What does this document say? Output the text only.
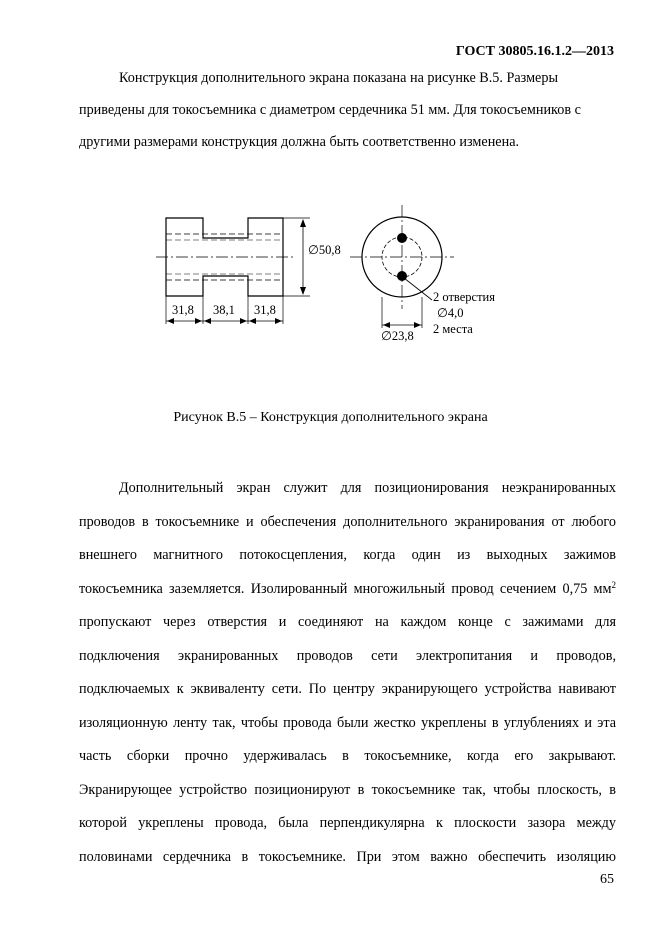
ГОСТ 30805.16.1.2—2013
Конструкция дополнительного экрана показана на рисунке В.5. Размеры
приведены для токосъемника с диаметром сердечника 51 мм. Для токосъемников с
другими размерами конструкция должна быть соответственно изменена.
∅50,8
31,8 38,1 31,8
2 отверстия
∅4,0
2 места
∅23,8
Рисунок В.5 – Конструкция дополнительного экрана
Дополнительный экран служит для позиционирования неэкранированных
проводов в токосъемнике и обеспечения дополнительного экранирования от любого
внешнего магнитного потокосцепления, когда один из выходных зажимов
токосъемника заземляется. Изолированный многожильный провод сечением 0,75 $мм^2$
пропускают через отверстия и соединяют на каждом конце с зажимами для
подключения экранированных проводов сети электропитания и проводов,
подключаемых к эквиваленту сети. По центру экранирующего устройства навивают
изоляционную ленту так, чтобы провода были жестко укреплены в углублениях и эта
часть сборки прочно удерживалась в токосъемнике, когда его закрывают.
Экранирующее устройство позиционируют в токосъемнике так, чтобы плоскость, в
которой укреплены провода, была перпендикулярна к плоскости зазора между
половинами сердечника в токосъемнике. При этом важно обеспечить изоляцию
65
